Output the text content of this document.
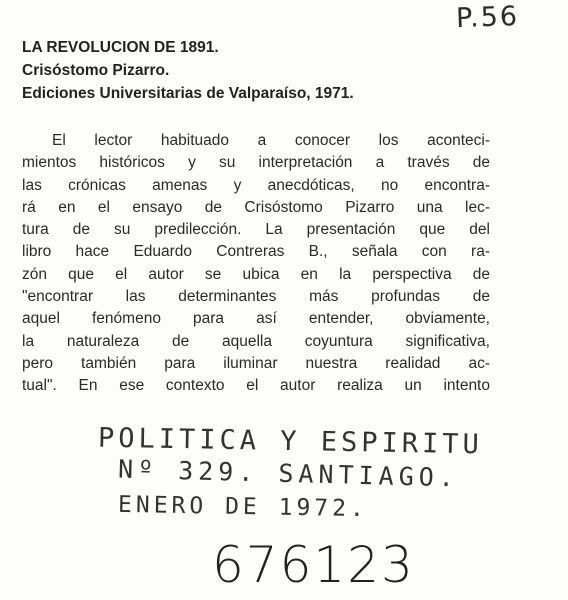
P.56
LA REVOLUCION DE 1891.
Crisóstomo Pizarro.
Ediciones Universitarias de Valparaíso, 1971.
El lector habituado a conocer los aconteci-
mientos históricos y su interpretación a través de
las crónicas amenas y anecdóticas, no encontra-
rá en el ensayo de Crisóstomo Pizarro una lec-
tura de su predilección. La presentación que del
libro hace Eduardo Contreras B., señala con ra-
zón que el autor se ubica en la perspectiva de
"encontrar las determinantes más profundas de
aquel fenómeno para así entender, obviamente,
la naturaleza de aquella coyuntura significativa,
pero también para iluminar nuestra realidad ac-
tual". En ese contexto el autor realiza un intento
POLITICA Y ESPIRITU
Nº 329. SANTIAGO.
ENERO DE 1972.
676123
